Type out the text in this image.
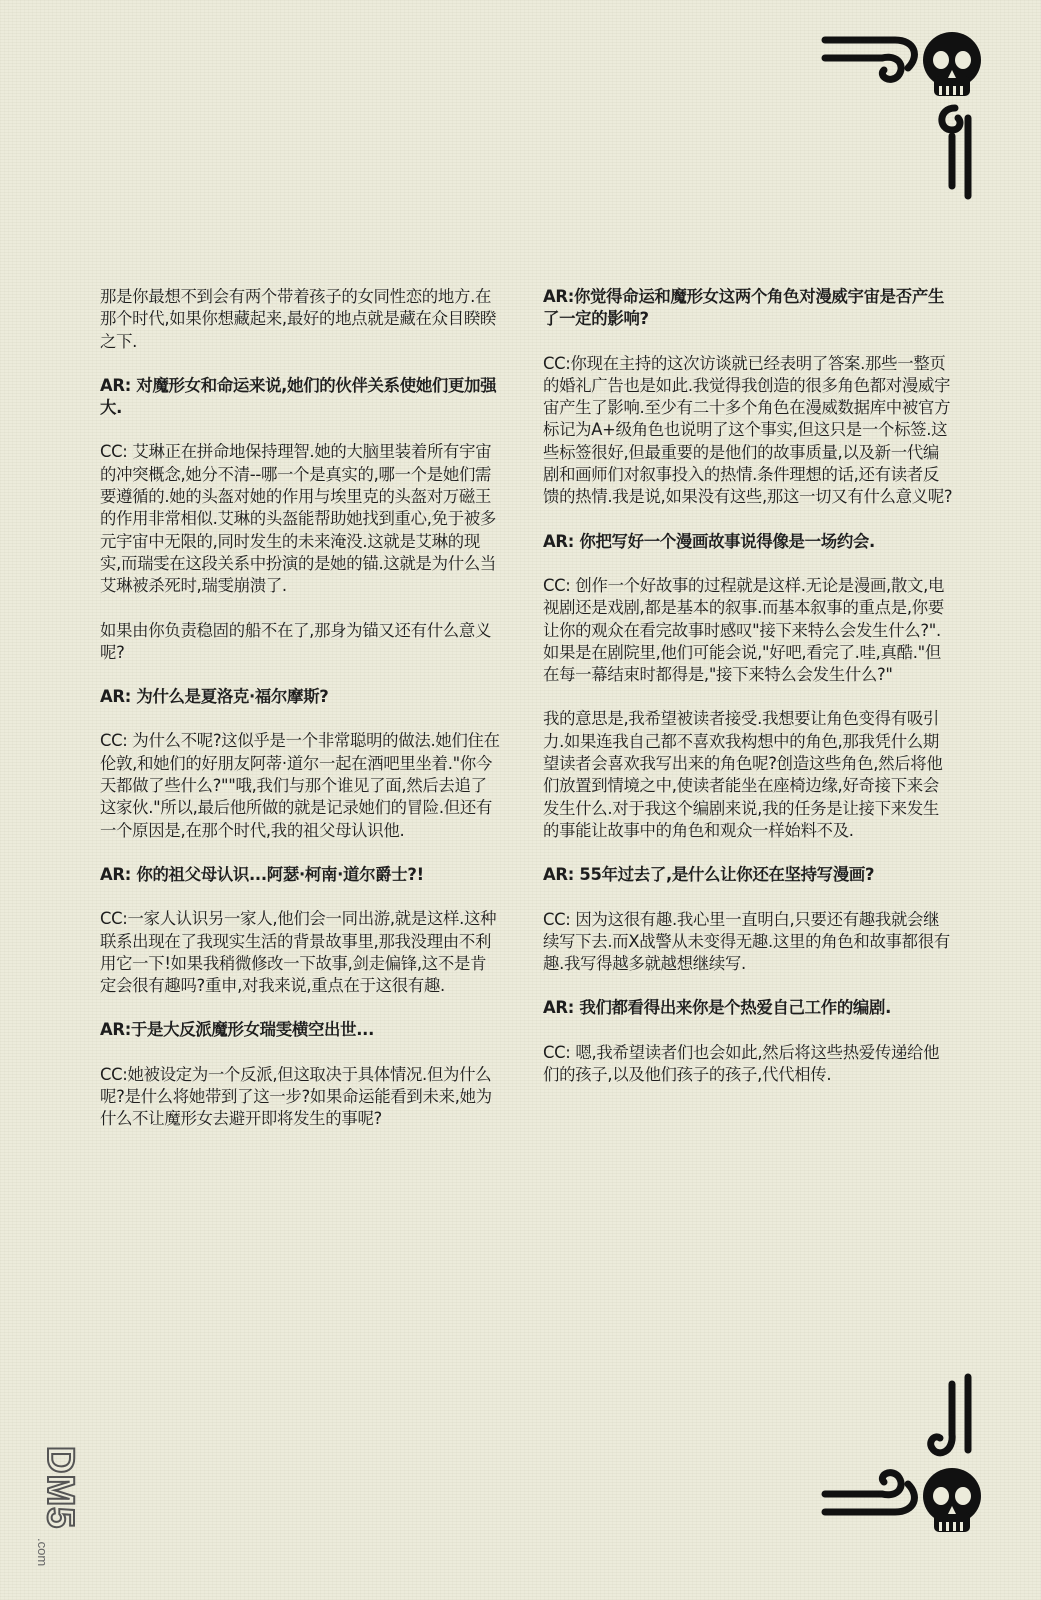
DM5
.com

那是你最想不到会有两个带着孩子的女同性恋的地方.在那个时代,如果你想藏起来,最好的地点就是藏在众目睽睽之下.

AR: 对魔形女和命运来说,她们的伙伴关系使她们更加强大.

CC: 艾琳正在拼命地保持理智.她的大脑里装着所有宇宙的冲突概念,她分不清--哪一个是真实的,哪一个是她们需要遵循的.她的头盔对她的作用与埃里克的头盔对万磁王的作用非常相似.艾琳的头盔能帮助她找到重心,免于被多元宇宙中无限的,同时发生的未来淹没.这就是艾琳的现实,而瑞雯在这段关系中扮演的是她的锚.这就是为什么当艾琳被杀死时,瑞雯崩溃了.

如果由你负责稳固的船不在了,那身为锚又还有什么意义呢?

AR: 为什么是夏洛克·福尔摩斯?

CC: 为什么不呢?这似乎是一个非常聪明的做法.她们住在伦敦,和她们的好朋友阿蒂·道尔一起在酒吧里坐着."你今天都做了些什么?""哦,我们与那个谁见了面,然后去追了这家伙."所以,最后他所做的就是记录她们的冒险.但还有一个原因是,在那个时代,我的祖父母认识他.

AR: 你的祖父母认识...阿瑟·柯南·道尔爵士?!

CC:一家人认识另一家人,他们会一同出游,就是这样.这种联系出现在了我现实生活的背景故事里,那我没理由不利用它一下!如果我稍微修改一下故事,剑走偏锋,这不是肯定会很有趣吗?重申,对我来说,重点在于这很有趣.

AR:于是大反派魔形女瑞雯横空出世...

CC:她被设定为一个反派,但这取决于具体情况.但为什么呢?是什么将她带到了这一步?如果命运能看到未来,她为什么不让魔形女去避开即将发生的事呢?

AR:你觉得命运和魔形女这两个角色对漫威宇宙是否产生了一定的影响?

CC:你现在主持的这次访谈就已经表明了答案.那些一整页的婚礼广告也是如此.我觉得我创造的很多角色都对漫威宇宙产生了影响.至少有二十多个角色在漫威数据库中被官方标记为A+级角色也说明了这个事实,但这只是一个标签.这些标签很好,但最重要的是他们的故事质量,以及新一代编剧和画师们对叙事投入的热情.条件理想的话,还有读者反馈的热情.我是说,如果没有这些,那这一切又有什么意义呢?

AR: 你把写好一个漫画故事说得像是一场约会.

CC: 创作一个好故事的过程就是这样.无论是漫画,散文,电视剧还是戏剧,都是基本的叙事.而基本叙事的重点是,你要让你的观众在看完故事时感叹"接下来特么会发生什么?".如果是在剧院里,他们可能会说,"好吧,看完了.哇,真酷."但在每一幕结束时都得是,"接下来特么会发生什么?"

我的意思是,我希望被读者接受.我想要让角色变得有吸引力.如果连我自己都不喜欢我构想中的角色,那我凭什么期望读者会喜欢我写出来的角色呢?创造这些角色,然后将他们放置到情境之中,使读者能坐在座椅边缘,好奇接下来会发生什么.对于我这个编剧来说,我的任务是让接下来发生的事能让故事中的角色和观众一样始料不及.

AR: 55年过去了,是什么让你还在坚持写漫画?

CC: 因为这很有趣.我心里一直明白,只要还有趣我就会继续写下去.而X战警从未变得无趣.这里的角色和故事都很有趣.我写得越多就越想继续写.

AR: 我们都看得出来你是个热爱自己工作的编剧.

CC: 嗯,我希望读者们也会如此,然后将这些热爱传递给他们的孩子,以及他们孩子的孩子,代代相传.
